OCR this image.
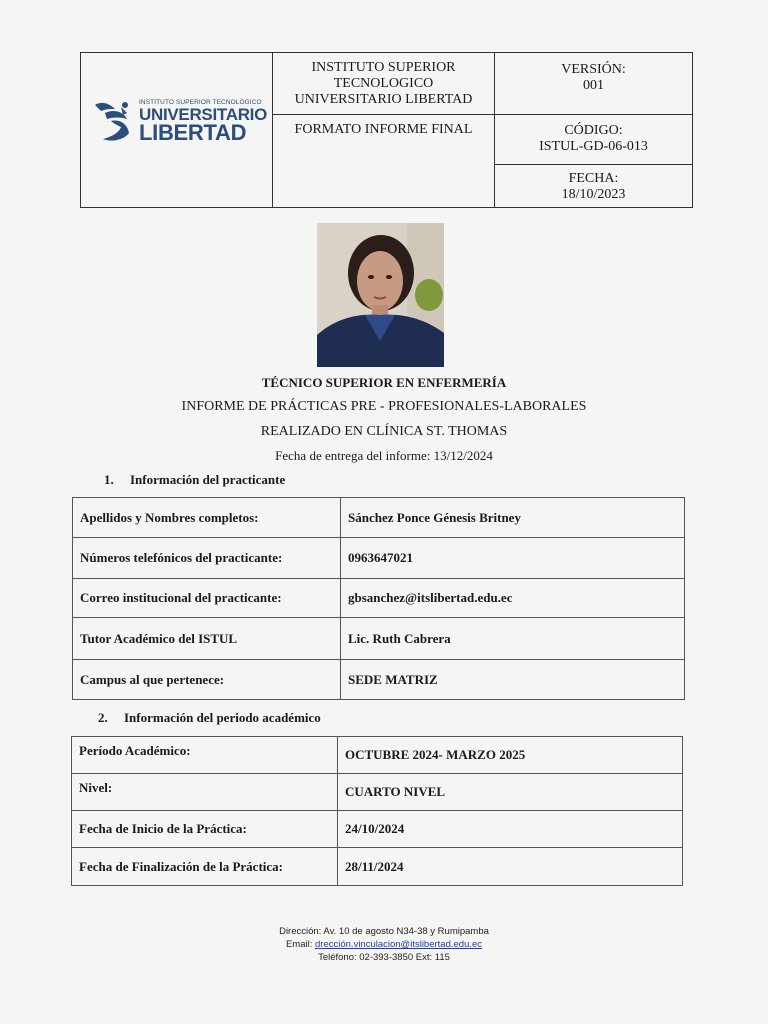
INSTITUTO SUPERIOR TECNOLÓGICO
UNIVERSITARIO
LIBERTAD
INSTITUTO SUPERIOR
TECNOLOGICO
UNIVERSITARIO LIBERTAD
FORMATO INFORME FINAL
VERSIÓN:
001
CÓDIGO:
ISTUL-GD-06-013
FECHA:
18/10/2023
TÉCNICO SUPERIOR EN ENFERMERÍA
INFORME DE PRÁCTICAS PRE - PROFESIONALES-LABORALES
REALIZADO EN CLÍNICA ST. THOMAS
Fecha de entrega del informe: 13/12/2024
1. Información del practicante
Apellidos y Nombres completos:	Sánchez Ponce Génesis Britney
Números telefónicos del practicante:	0963647021
Correo institucional del practicante:	gbsanchez@itslibertad.edu.ec
Tutor Académico del ISTUL	Lic. Ruth Cabrera
Campus al que pertenece:	SEDE MATRIZ
2. Información del periodo académico
Período Académico:	OCTUBRE 2024- MARZO 2025
Nivel:	CUARTO NIVEL
Fecha de Inicio de la Práctica:	24/10/2024
Fecha de Finalización de la Práctica:	28/11/2024
Dirección: Av. 10 de agosto N34-38 y Rumipamba
Email: drección.vinculacion@itslibertad.edu.ec
Teléfono: 02-393-3850 Ext: 115
